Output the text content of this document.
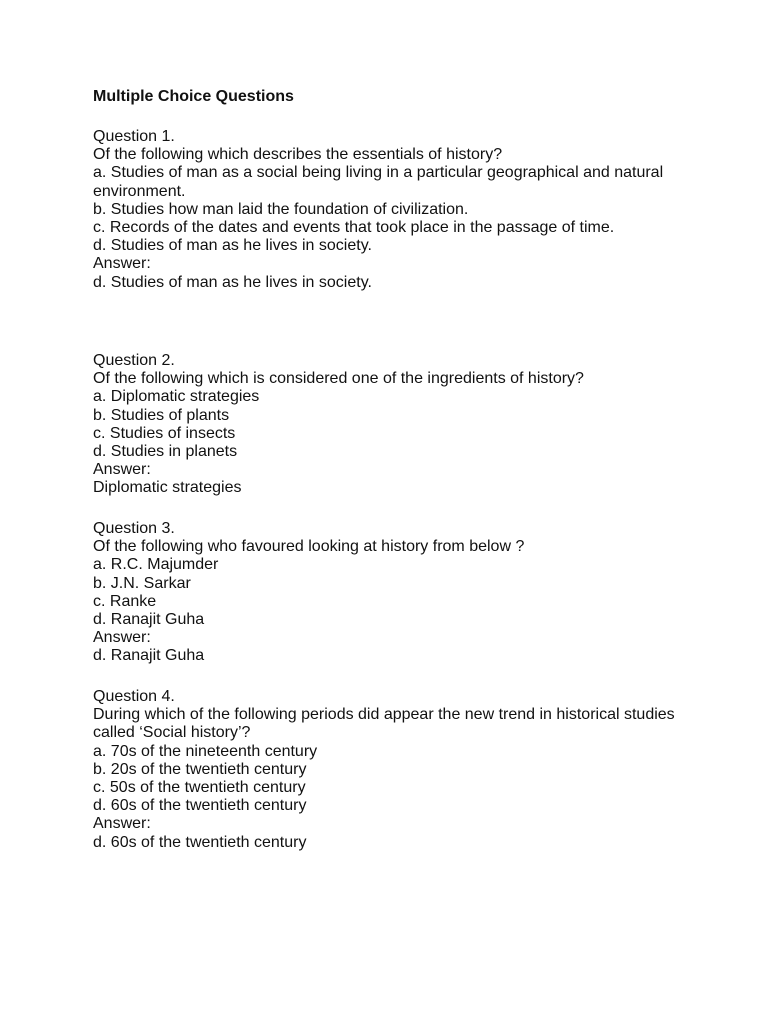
Multiple Choice Questions
Question 1.
Of the following which describes the essentials of history?
a. Studies of man as a social being living in a particular geographical and natural environment.
b. Studies how man laid the foundation of civilization.
c. Records of the dates and events that took place in the passage of time.
d. Studies of man as he lives in society.
Answer:
d. Studies of man as he lives in society.
Question 2.
Of the following which is considered one of the ingredients of history?
a. Diplomatic strategies
b. Studies of plants
c. Studies of insects
d. Studies in planets
Answer:
Diplomatic strategies
Question 3.
Of the following who favoured looking at history from below ?
a. R.C. Majumder
b. J.N. Sarkar
c. Ranke
d. Ranajit Guha
Answer:
d. Ranajit Guha
Question 4.
During which of the following periods did appear the new trend in historical studies called ‘Social history’?
a. 70s of the nineteenth century
b. 20s of the twentieth century
c. 50s of the twentieth century
d. 60s of the twentieth century
Answer:
d. 60s of the twentieth century
